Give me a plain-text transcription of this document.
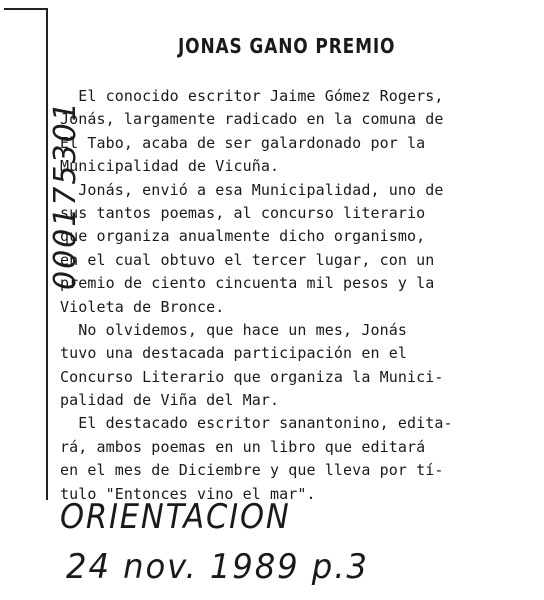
000175301
JONAS GANO PREMIO
El conocido escritor Jaime Gómez Rogers,
Jonás, largamente radicado en la comuna de
El Tabo, acaba de ser galardonado por la
Municipalidad de Vicuña.
Jonás, envió a esa Municipalidad, uno de
sus tantos poemas, al concurso literario
que organiza anualmente dicho organismo,
en el cual obtuvo el tercer lugar, con un
premio de ciento cincuenta mil pesos y la
Violeta de Bronce.
No olvidemos, que hace un mes, Jonás
tuvo una destacada participación en el
Concurso Literario que organiza la Munici-
palidad de Viña del Mar.
El destacado escritor sanantonino, edita-
rá, ambos poemas en un libro que editará
en el mes de Diciembre y que lleva por tí-
tulo "Entonces vino el mar".
ORIENTACION
24 nov. 1989 p.3
